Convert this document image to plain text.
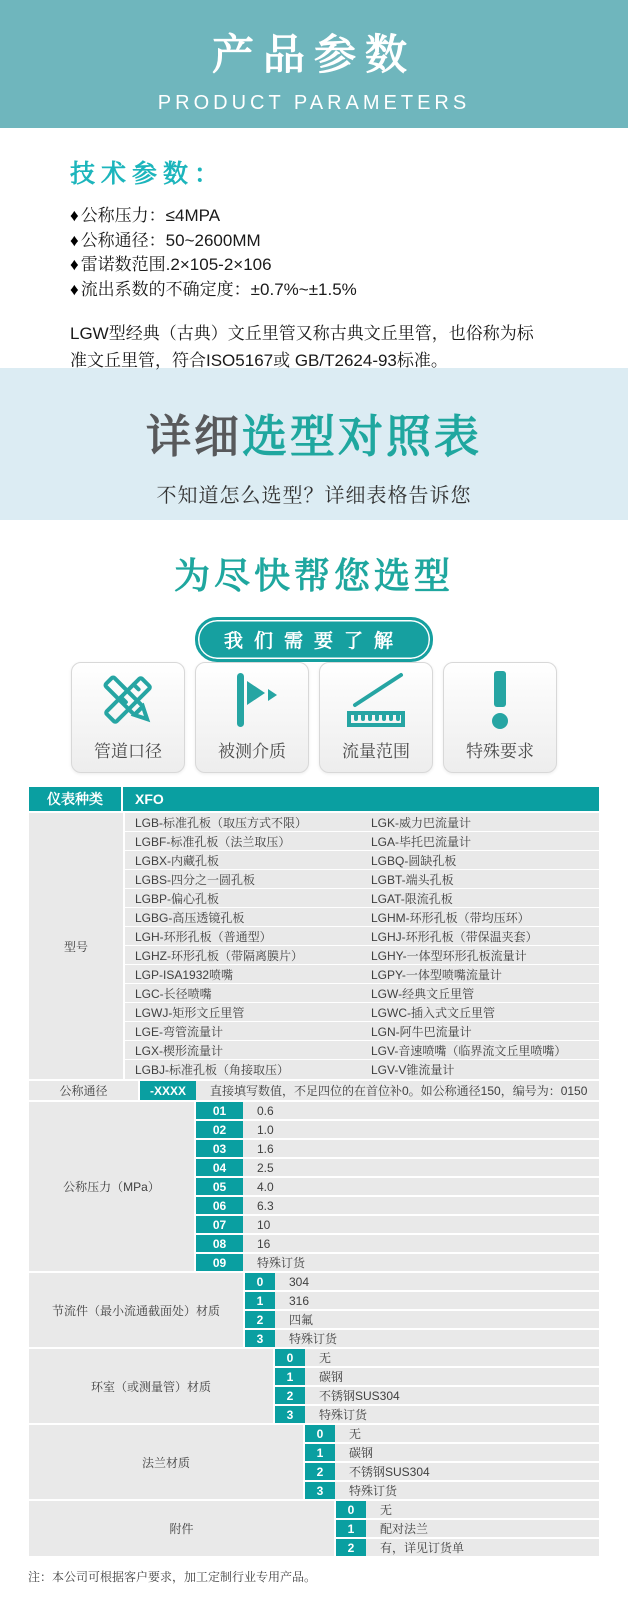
产品参数
PRODUCT PARAMETERS
技术参数：
♦ 公称压力：≤4MPA
♦ 公称通径：50~2600MM
♦ 雷诺数范围.2×105-2×106
♦ 流出系数的不确定度：±0.7%~±1.5%
LGW型经典（古典）文丘里管又称古典文丘里管，也俗称为标准文丘里管，符合ISO5167或 GB/T2624-93标准。
详细选型对照表
不知道怎么选型？详细表格告诉您
为尽快帮您选型
我们需要了解
管道口径	被测介质	流量范围	特殊要求
仪表种类	XFO
型号
LGB-标准孔板（取压方式不限）	LGK-威力巴流量计
LGBF-标准孔板（法兰取压）	LGA-毕托巴流量计
LGBX-内藏孔板	LGBQ-圆缺孔板
LGBS-四分之一圆孔板	LGBT-端头孔板
LGBP-偏心孔板	LGAT-限流孔板
LGBG-高压透镜孔板	LGHM-环形孔板（带均压环）
LGH-环形孔板（普通型）	LGHJ-环形孔板（带保温夹套）
LGHZ-环形孔板（带隔离膜片）	LGHY-一体型环形孔板流量计
LGP-ISA1932喷嘴	LGPY-一体型喷嘴流量计
LGC-长径喷嘴	LGW-经典文丘里管
LGWJ-矩形文丘里管	LGWC-插入式文丘里管
LGE-弯管流量计	LGN-阿牛巴流量计
LGX-楔形流量计	LGV-音速喷嘴（临界流文丘里喷嘴）
LGBJ-标准孔板（角接取压）	LGV-V锥流量计
公称通径	-XXXX	直接填写数值，不足四位的在首位补0。如公称通径150，编号为：0150
公称压力（MPa）
01	0.6
02	1.0
03	1.6
04	2.5
05	4.0
06	6.3
07	10
08	16
09	特殊订货
节流件（最小流通截面处）材质
0	304
1	316
2	四氟
3	特殊订货
环室（或测量管）材质
0	无
1	碳钢
2	不锈钢SUS304
3	特殊订货
法兰材质
0	无
1	碳钢
2	不锈钢SUS304
3	特殊订货
附件
0	无
1	配对法兰
2	有，详见订货单
注：本公司可根据客户要求，加工定制行业专用产品。
